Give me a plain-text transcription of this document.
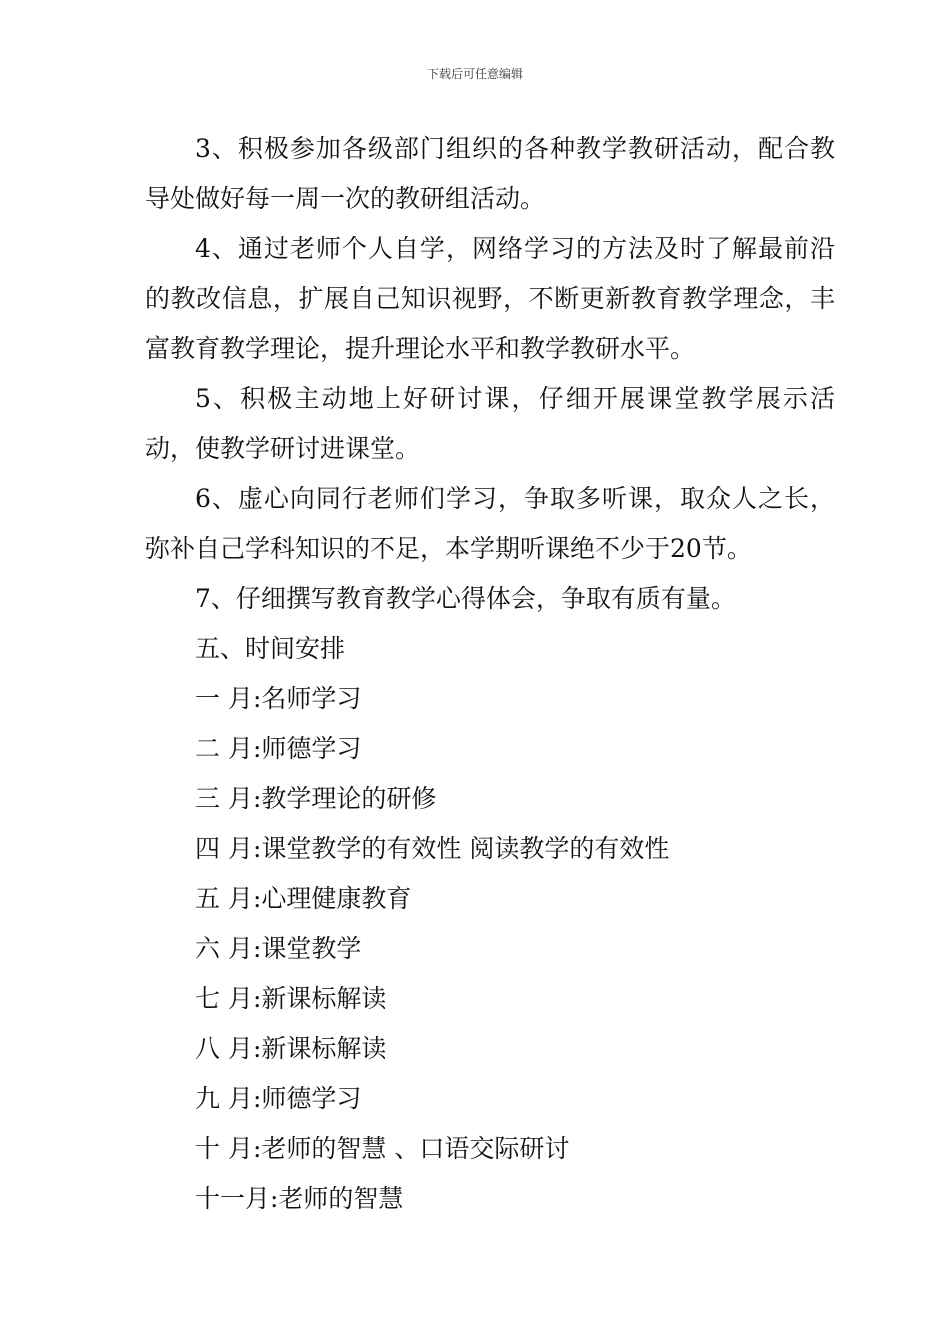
下载后可任意编辑

3、积极参加各级部门组织的各种教学教研活动，配合教导处做好每一周一次的教研组活动。

4、通过老师个人自学，网络学习的方法及时了解最前沿的教改信息，扩展自己知识视野，不断更新教育教学理念，丰富教育教学理论，提升理论水平和教学教研水平。

5、积极主动地上好研讨课，仔细开展课堂教学展示活动，使教学研讨进课堂。

6、虚心向同行老师们学习，争取多听课，取众人之长，弥补自己学科知识的不足，本学期听课绝不少于20节。

7、仔细撰写教育教学心得体会，争取有质有量。

五、时间安排

一 月:名师学习

二 月:师德学习

三 月:教学理论的研修

四 月:课堂教学的有效性 阅读教学的有效性

五 月:心理健康教育

六 月:课堂教学

七 月:新课标解读

八 月:新课标解读

九 月:师德学习

十 月:老师的智慧 、口语交际研讨

十一月:老师的智慧
